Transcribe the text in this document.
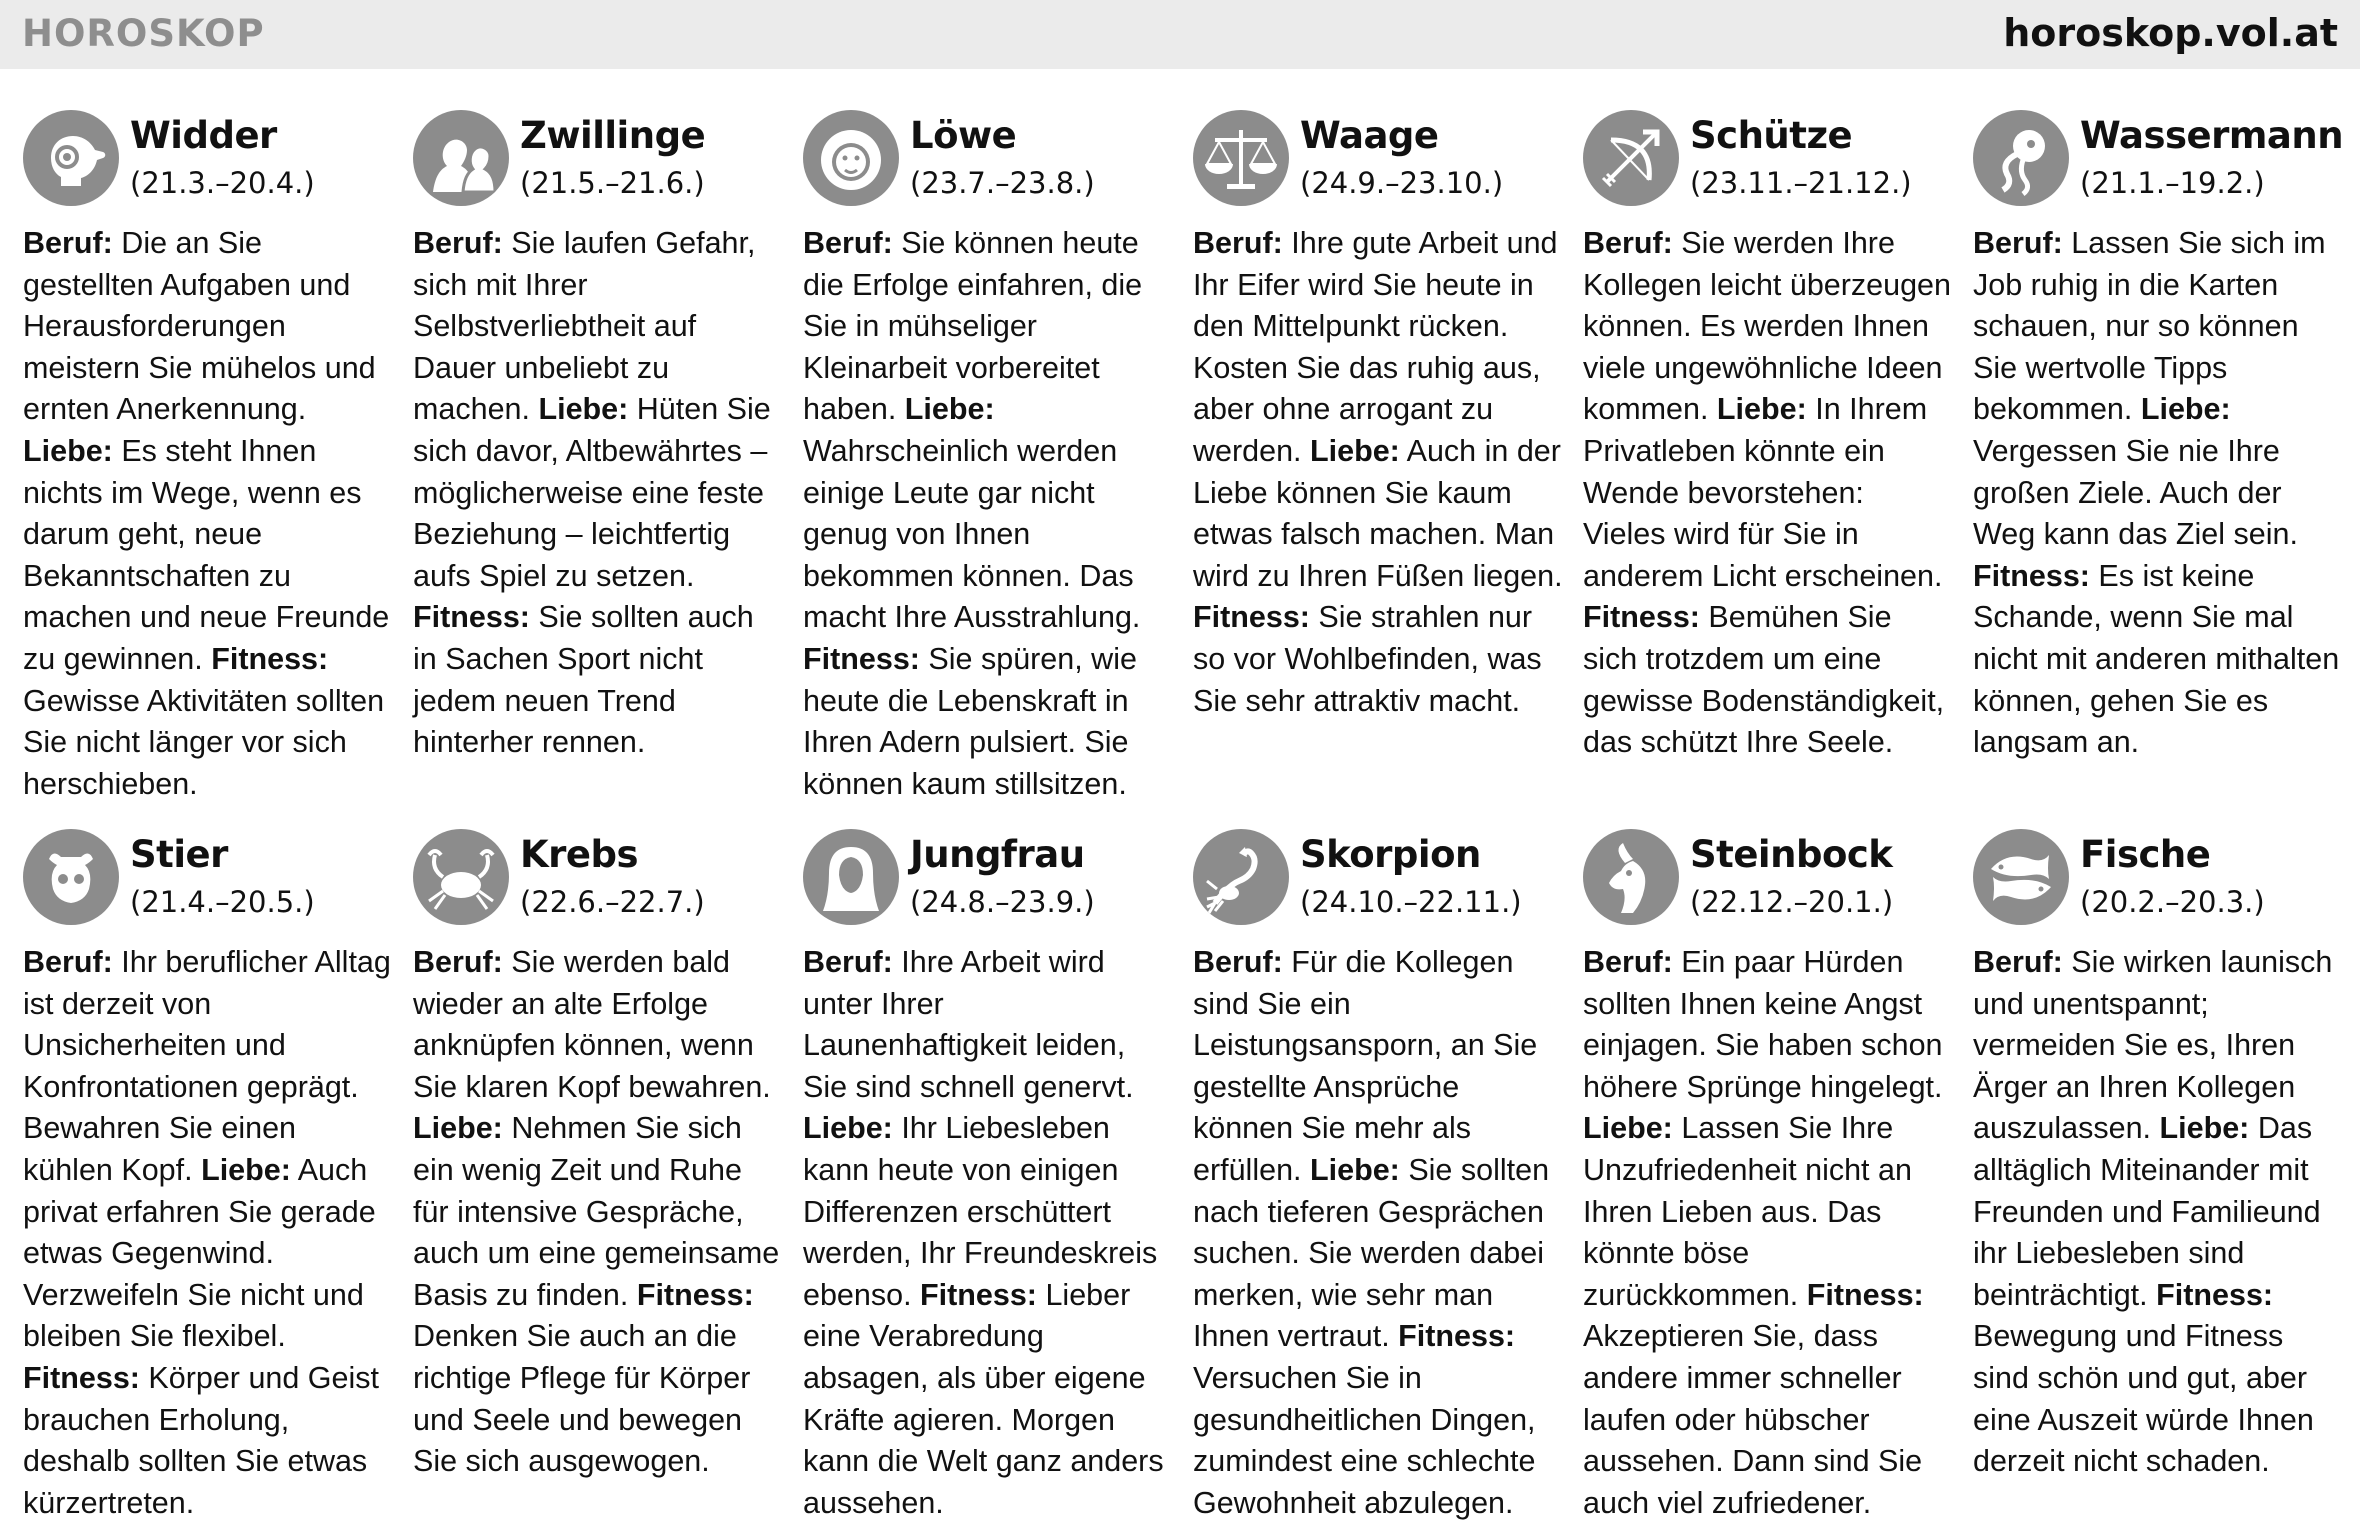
HOROSKOP	horoskop.vol.at
Widder
(21.3.–20.4.)
Beruf: Die an Sie gestellten Aufgaben und Herausforderungen meistern Sie mühelos und ernten Anerkennung. Liebe: Es steht Ihnen nichts im Wege, wenn es darum geht, neue Bekanntschaften zu machen und neue Freunde zu gewinnen. Fitness: Gewisse Aktivitäten sollten Sie nicht länger vor sich herschieben.
Zwillinge
(21.5.–21.6.)
Beruf: Sie laufen Gefahr, sich mit Ihrer Selbstverliebtheit auf Dauer unbeliebt zu machen. Liebe: Hüten Sie sich davor, Altbewährtes – möglicherweise eine feste Beziehung – leichtfertig aufs Spiel zu setzen. Fitness: Sie sollten auch in Sachen Sport nicht jedem neuen Trend hinterher rennen.
Löwe
(23.7.–23.8.)
Beruf: Sie können heute die Erfolge einfahren, die Sie in mühseliger Kleinarbeit vorbereitet haben. Liebe: Wahrscheinlich werden einige Leute gar nicht genug von Ihnen bekommen können. Das macht Ihre Ausstrahlung. Fitness: Sie spüren, wie heute die Lebenskraft in Ihren Adern pulsiert. Sie können kaum stillsitzen.
Waage
(24.9.–23.10.)
Beruf: Ihre gute Arbeit und Ihr Eifer wird Sie heute in den Mittelpunkt rücken. Kosten Sie das ruhig aus, aber ohne arrogant zu werden. Liebe: Auch in der Liebe können Sie kaum etwas falsch machen. Man wird zu Ihren Füßen liegen. Fitness: Sie strahlen nur so vor Wohlbefinden, was Sie sehr attraktiv macht.
Schütze
(23.11.–21.12.)
Beruf: Sie werden Ihre Kollegen leicht überzeugen können. Es werden Ihnen viele ungewöhnliche Ideen kommen. Liebe: In Ihrem Privatleben könnte ein Wende bevorstehen: Vieles wird für Sie in anderem Licht erscheinen. Fitness: Bemühen Sie sich trotzdem um eine gewisse Bodenständigkeit, das schützt Ihre Seele.
Wassermann
(21.1.–19.2.)
Beruf: Lassen Sie sich im Job ruhig in die Karten schauen, nur so können Sie wertvolle Tipps bekommen. Liebe: Vergessen Sie nie Ihre großen Ziele. Auch der Weg kann das Ziel sein. Fitness: Es ist keine Schande, wenn Sie mal nicht mit anderen mithalten können, gehen Sie es langsam an.
Stier
(21.4.–20.5.)
Beruf: Ihr beruflicher Alltag ist derzeit von Unsicherheiten und Konfrontationen geprägt. Bewahren Sie einen kühlen Kopf. Liebe: Auch privat erfahren Sie gerade etwas Gegenwind. Verzweifeln Sie nicht und bleiben Sie flexibel. Fitness: Körper und Geist brauchen Erholung, deshalb sollten Sie etwas kürzertreten.
Krebs
(22.6.–22.7.)
Beruf: Sie werden bald wieder an alte Erfolge anknüpfen können, wenn Sie klaren Kopf bewahren. Liebe: Nehmen Sie sich ein wenig Zeit und Ruhe für intensive Gespräche, auch um eine gemeinsame Basis zu finden. Fitness: Denken Sie auch an die richtige Pflege für Körper und Seele und bewegen Sie sich ausgewogen.
Jungfrau
(24.8.–23.9.)
Beruf: Ihre Arbeit wird unter Ihrer Launenhaftigkeit leiden, Sie sind schnell genervt. Liebe: Ihr Liebesleben kann heute von einigen Differenzen erschüttert werden, Ihr Freundeskreis ebenso. Fitness: Lieber eine Verabredung absagen, als über eigene Kräfte agieren. Morgen kann die Welt ganz anders aussehen.
Skorpion
(24.10.–22.11.)
Beruf: Für die Kollegen sind Sie ein Leistungsansporn, an Sie gestellte Ansprüche können Sie mehr als erfüllen. Liebe: Sie sollten nach tieferen Gesprächen suchen. Sie werden dabei merken, wie sehr man Ihnen vertraut. Fitness: Versuchen Sie in gesundheitlichen Dingen, zumindest eine schlechte Gewohnheit abzulegen.
Steinbock
(22.12.–20.1.)
Beruf: Ein paar Hürden sollten Ihnen keine Angst einjagen. Sie haben schon höhere Sprünge hingelegt. Liebe: Lassen Sie Ihre Unzufriedenheit nicht an Ihren Lieben aus. Das könnte böse zurückkommen. Fitness: Akzeptieren Sie, dass andere immer schneller laufen oder hübscher aussehen. Dann sind Sie auch viel zufriedener.
Fische
(20.2.–20.3.)
Beruf: Sie wirken launisch und unentspannt; vermeiden Sie es, Ihren Ärger an Ihren Kollegen auszulassen. Liebe: Das alltäglich Miteinander mit Freunden und Familieund ihr Liebesleben sind beinträchtigt. Fitness: Bewegung und Fitness sind schön und gut, aber eine Auszeit würde Ihnen derzeit nicht schaden.
